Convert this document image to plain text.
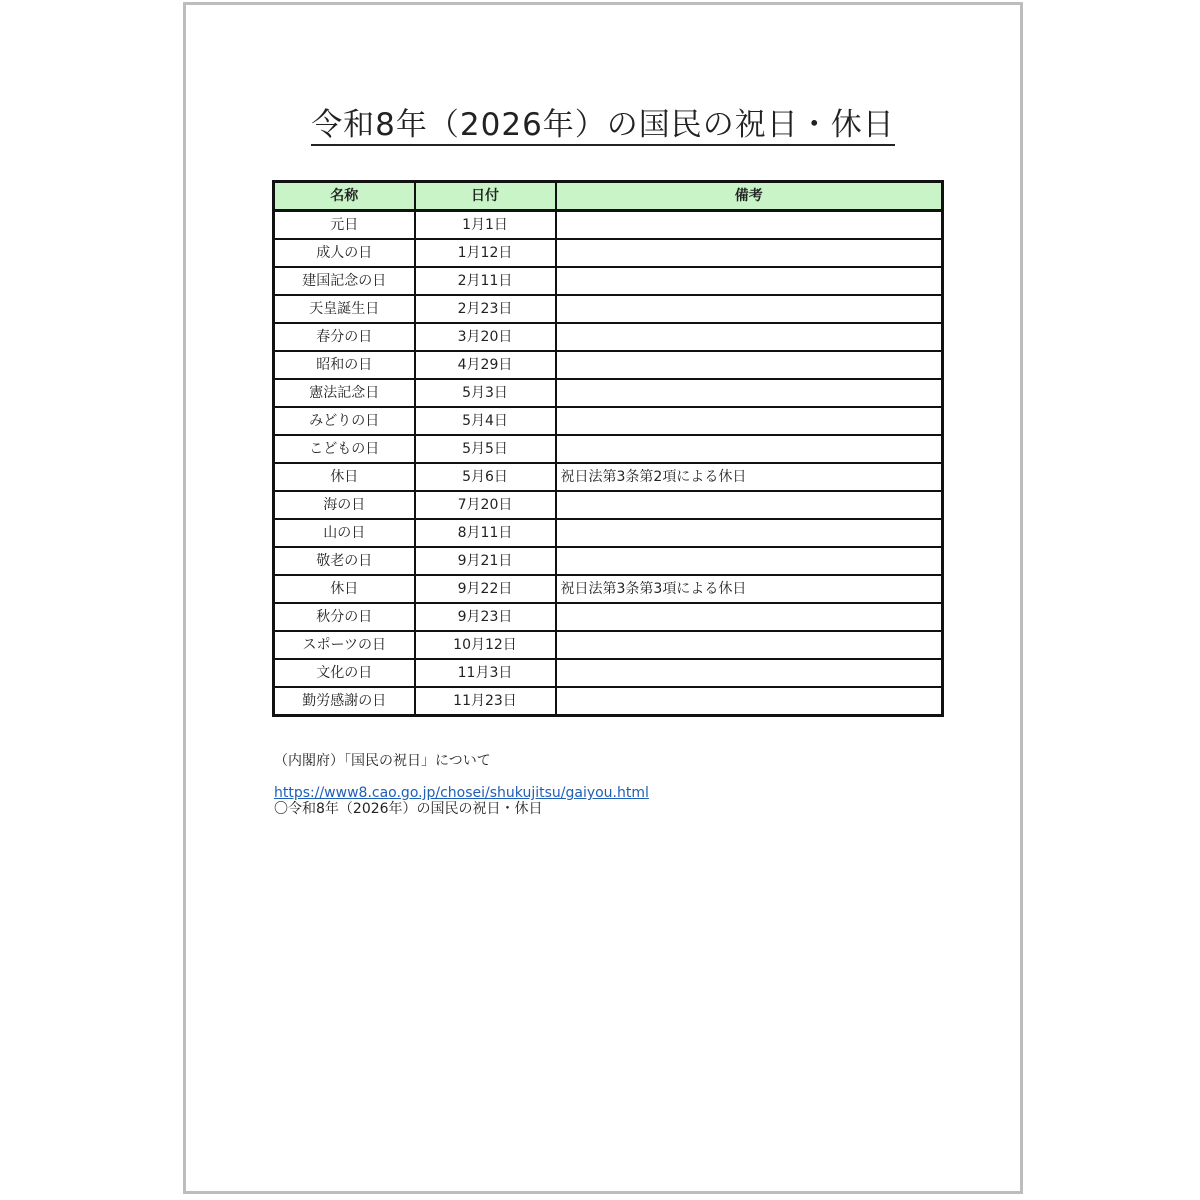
令和8年（2026年）の国民の祝日・休日
名称	日付	備考
元日	1月1日	
成人の日	1月12日	
建国記念の日	2月11日	
天皇誕生日	2月23日	
春分の日	3月20日	
昭和の日	4月29日	
憲法記念日	5月3日	
みどりの日	5月4日	
こどもの日	5月5日	
休日	5月6日	祝日法第3条第2項による休日
海の日	7月20日	
山の日	8月11日	
敬老の日	9月21日	
休日	9月22日	祝日法第3条第3項による休日
秋分の日	9月23日	
スポーツの日	10月12日	
文化の日	11月3日	
勤労感謝の日	11月23日	
（内閣府）「国民の祝日」について
https://www8.cao.go.jp/chosei/shukujitsu/gaiyou.html
〇令和8年（2026年）の国民の祝日・休日
